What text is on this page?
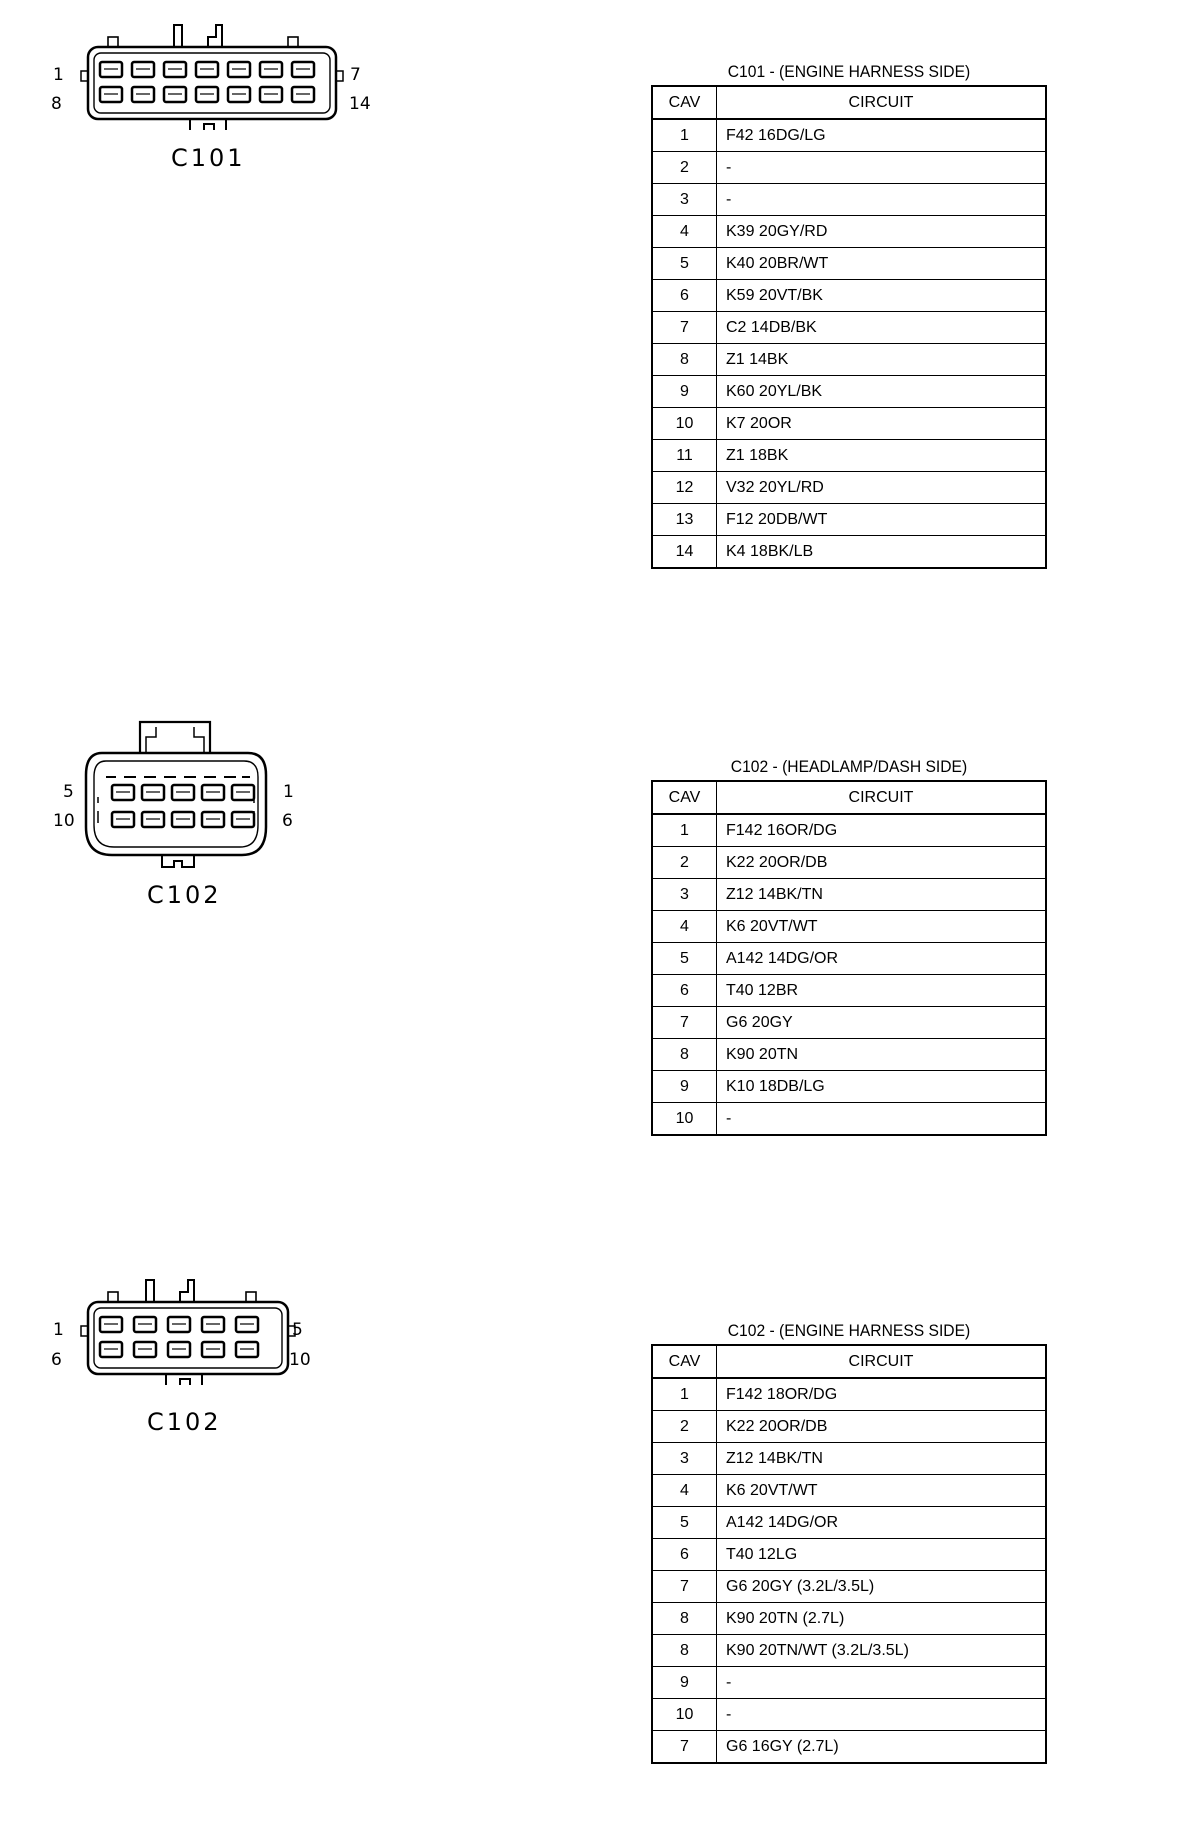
1
8
7
14
C101
C101 - (ENGINE HARNESS SIDE)
CAV	CIRCUIT
1	F42 16DG/LG
2	-
3	-
4	K39 20GY/RD
5	K40 20BR/WT
6	K59 20VT/BK
7	C2 14DB/BK
8	Z1 14BK
9	K60 20YL/BK
10	K7 20OR
11	Z1 18BK
12	V32 20YL/RD
13	F12 20DB/WT
14	K4 18BK/LB
5
10
1
6
C102
C102 - (HEADLAMP/DASH SIDE)
CAV	CIRCUIT
1	F142 16OR/DG
2	K22 20OR/DB
3	Z12 14BK/TN
4	K6 20VT/WT
5	A142 14DG/OR
6	T40 12BR
7	G6 20GY
8	K90 20TN
9	K10 18DB/LG
10	-
1
6
5
10
C102
C102 - (ENGINE HARNESS SIDE)
CAV	CIRCUIT
1	F142 18OR/DG
2	K22 20OR/DB
3	Z12 14BK/TN
4	K6 20VT/WT
5	A142 14DG/OR
6	T40 12LG
7	G6 20GY (3.2L/3.5L)
8	K90 20TN (2.7L)
8	K90 20TN/WT (3.2L/3.5L)
9	-
10	-
7	G6 16GY (2.7L)
